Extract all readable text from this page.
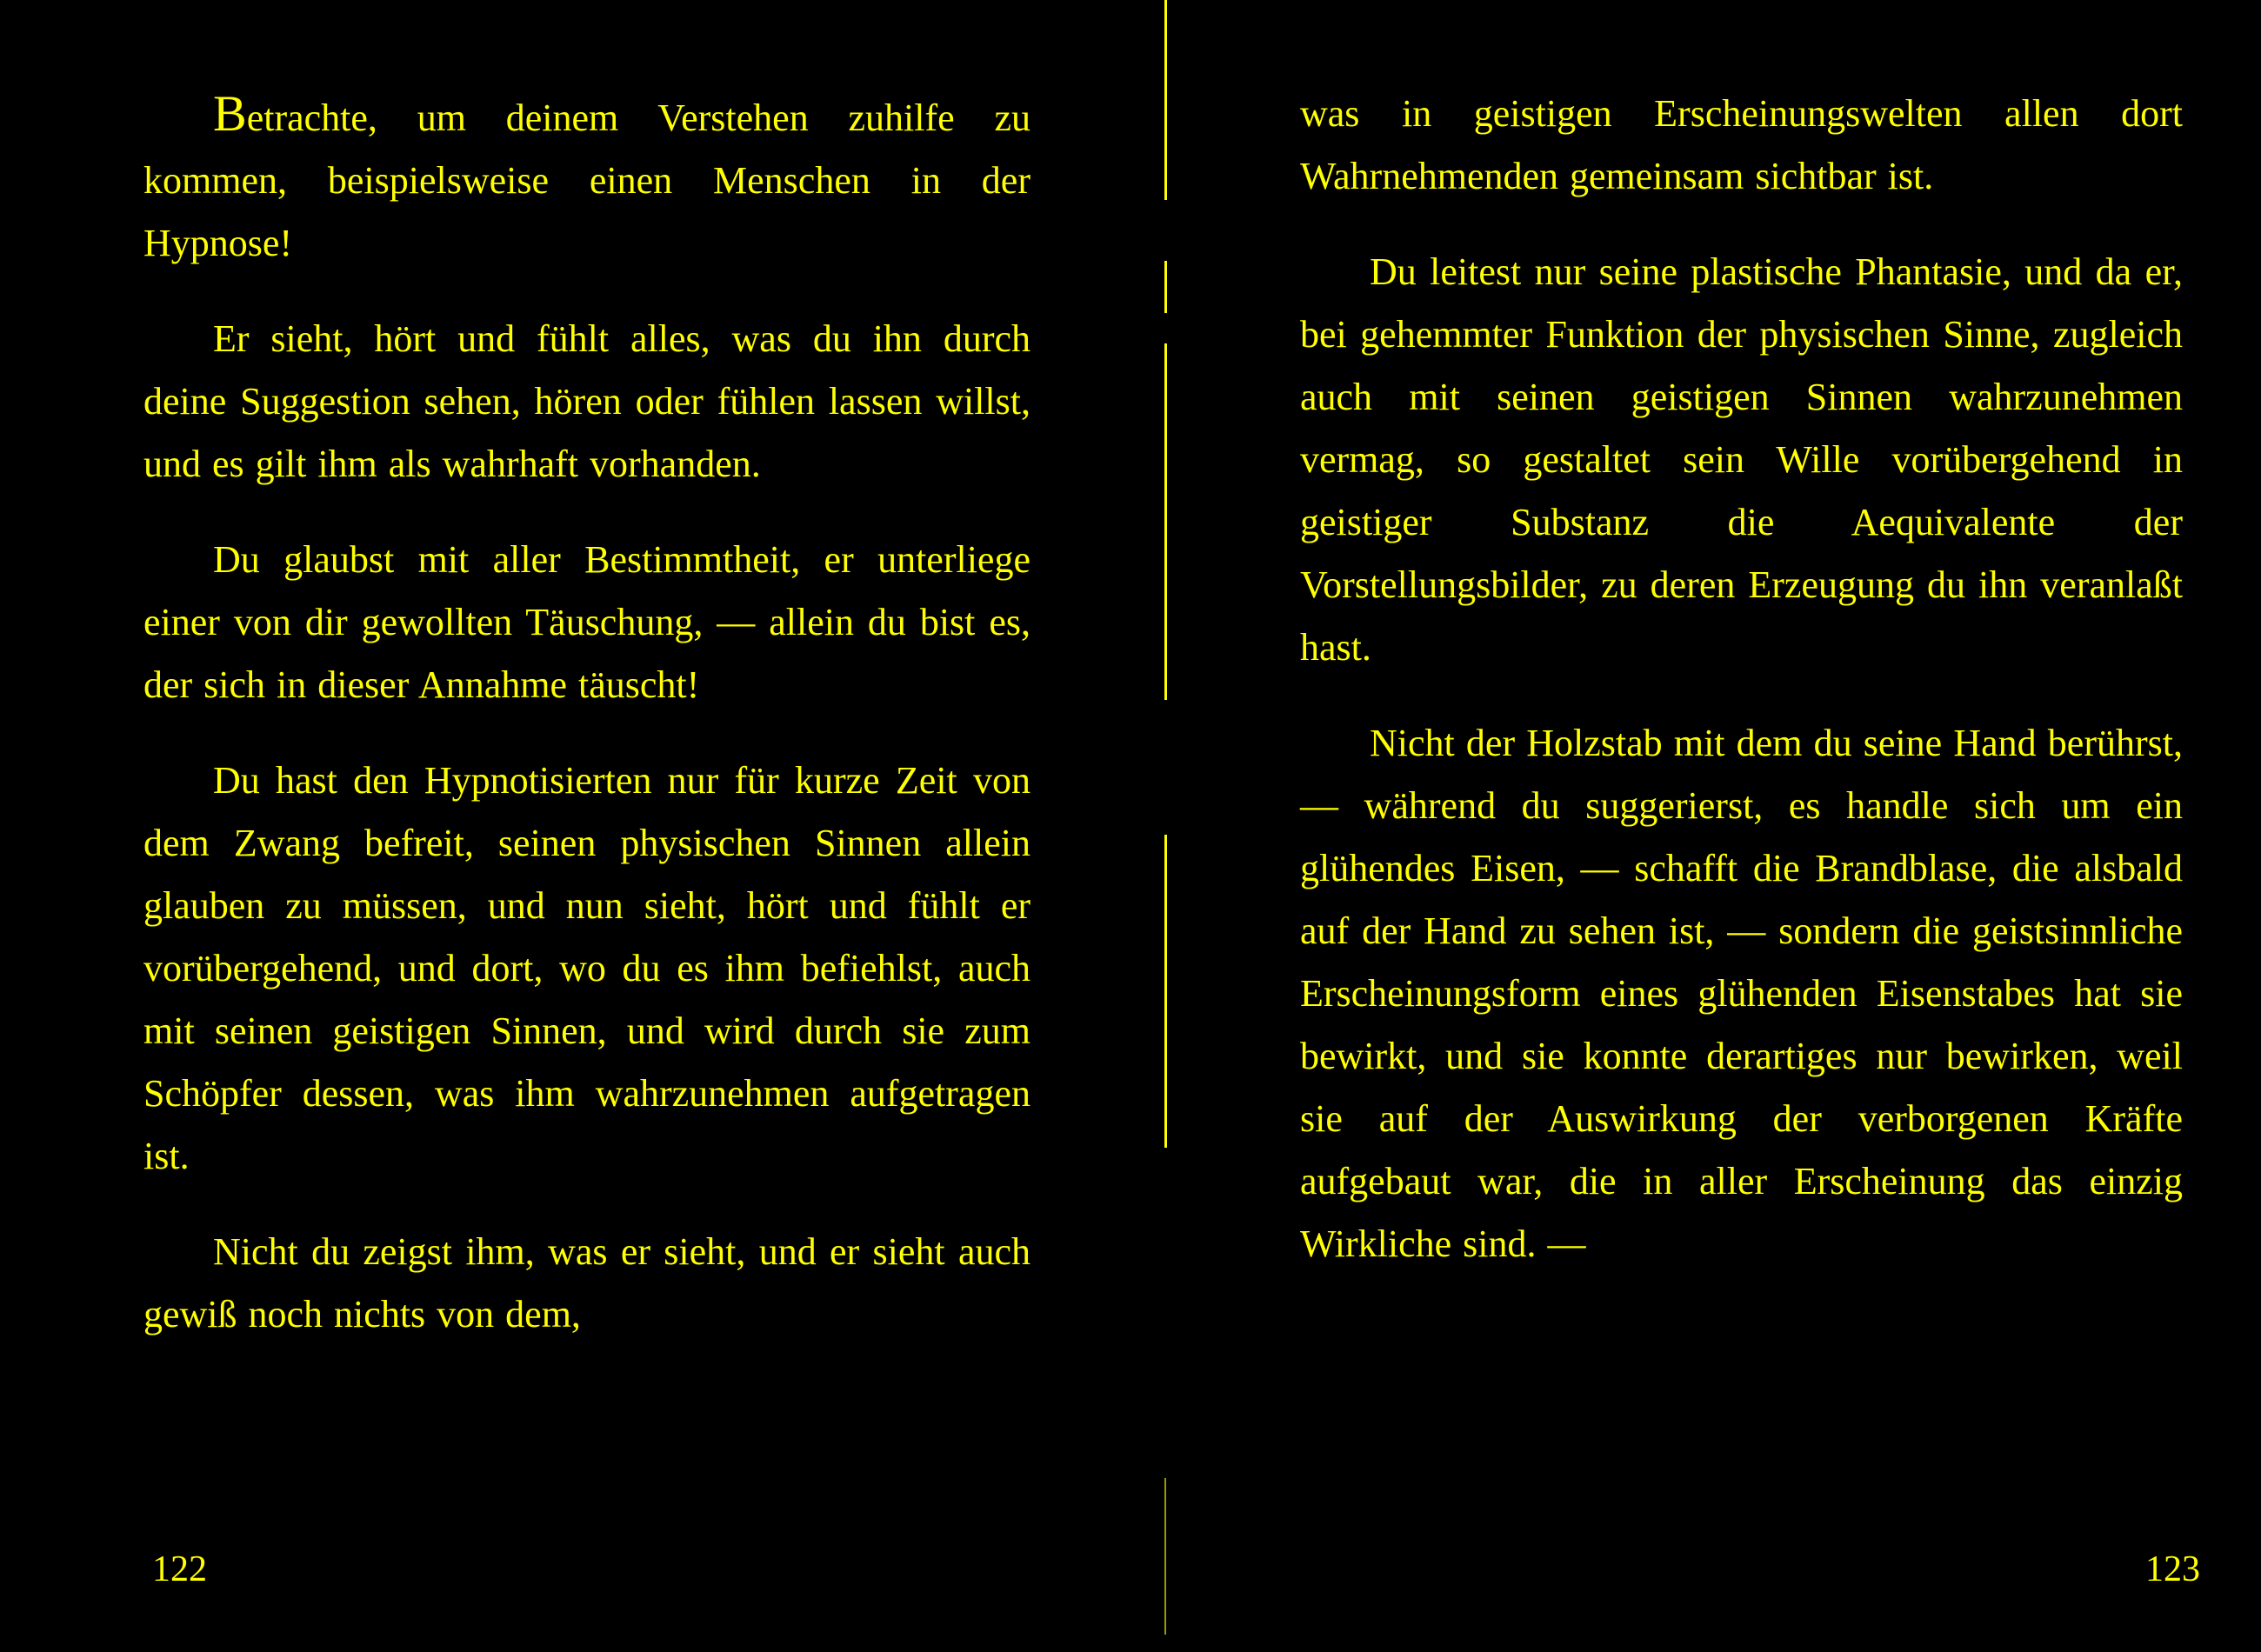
Betrachte, um deinem Verstehen zuhilfe zu kommen, beispielsweise einen Menschen in der Hypnose!

Er sieht, hört und fühlt alles, was du ihn durch deine Suggestion sehen, hören oder fühlen lassen willst, und es gilt ihm als wahrhaft vorhanden.

Du glaubst mit aller Bestimmtheit, er unterliege einer von dir gewollten Täuschung, — allein du bist es, der sich in dieser Annahme täuscht!

Du hast den Hypnotisierten nur für kurze Zeit von dem Zwang befreit, seinen physischen Sinnen allein glauben zu müssen, und nun sieht, hört und fühlt er vorübergehend, und dort, wo du es ihm befiehlst, auch mit seinen geistigen Sinnen, und wird durch sie zum Schöpfer dessen, was ihm wahrzunehmen aufgetragen ist.

Nicht du zeigst ihm, was er sieht, und er sieht auch gewiß noch nichts von dem,

122

was in geistigen Erscheinungswelten allen dort Wahrnehmenden gemeinsam sichtbar ist.

Du leitest nur seine plastische Phantasie, und da er, bei gehemmter Funktion der physischen Sinne, zugleich auch mit seinen geistigen Sinnen wahrzunehmen vermag, so gestaltet sein Wille vorübergehend in geistiger Substanz die Aequivalente der Vorstellungsbilder, zu deren Erzeugung du ihn veranlaßt hast.

Nicht der Holzstab mit dem du seine Hand berührst, — während du suggerierst, es handle sich um ein glühendes Eisen, — schafft die Brandblase, die alsbald auf der Hand zu sehen ist, — sondern die geistsinnliche Erscheinungsform eines glühenden Eisenstabes hat sie bewirkt, und sie konnte derartiges nur bewirken, weil sie auf der Auswirkung der verborgenen Kräfte aufgebaut war, die in aller Erscheinung das einzig Wirkliche sind. —

123
